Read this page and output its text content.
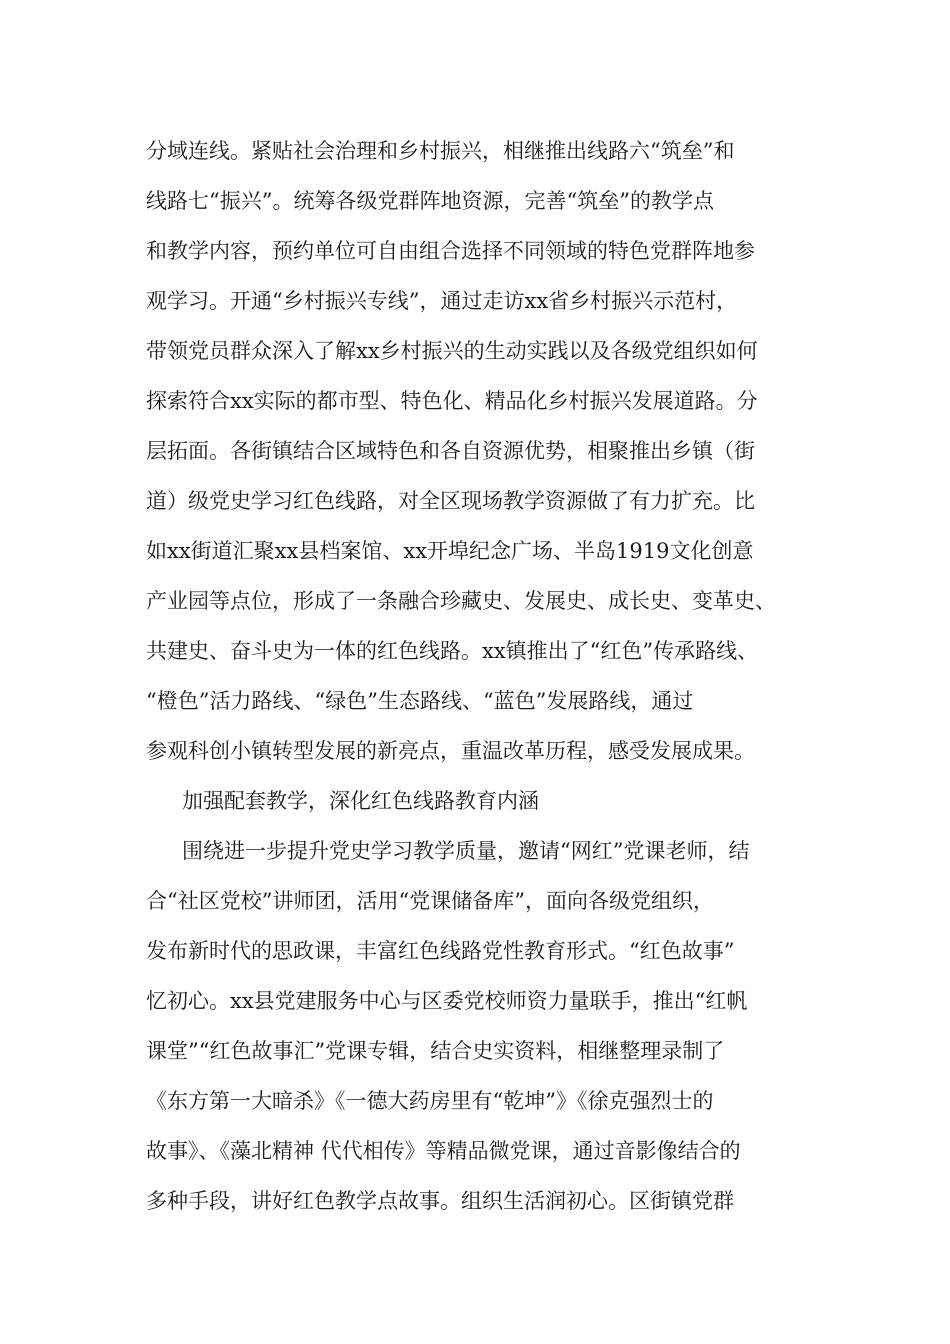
分域连线。紧贴社会治理和乡村振兴，相继推出线路六“筑垒”和
线路七“振兴”。统筹各级党群阵地资源，完善“筑垒”的教学点
和教学内容，预约单位可自由组合选择不同领域的特色党群阵地参
观学习。开通“乡村振兴专线”，通过走访xx省乡村振兴示范村，
带领党员群众深入了解xx乡村振兴的生动实践以及各级党组织如何
探索符合xx实际的都市型、特色化、精品化乡村振兴发展道路。分
层拓面。各街镇结合区域特色和各自资源优势，相聚推出乡镇（街
道）级党史学习红色线路，对全区现场教学资源做了有力扩充。比
如xx街道汇聚xx县档案馆、xx开埠纪念广场、半岛1919文化创意
产业园等点位，形成了一条融合珍藏史、发展史、成长史、变革史、
共建史、奋斗史为一体的红色线路。xx镇推出了“红色”传承路线、
“橙色”活力路线、“绿色”生态路线、“蓝色”发展路线，通过
参观科创小镇转型发展的新亮点，重温改革历程，感受发展成果。
加强配套教学，深化红色线路教育内涵
围绕进一步提升党史学习教学质量，邀请“网红”党课老师，结
合“社区党校”讲师团，活用“党课储备库”，面向各级党组织，
发布新时代的思政课，丰富红色线路党性教育形式。“红色故事”
忆初心。xx县党建服务中心与区委党校师资力量联手，推出“红帆
课堂”“红色故事汇”党课专辑，结合史实资料，相继整理录制了
《东方第一大暗杀》《一德大药房里有“乾坤”》《徐克强烈士的
故事》、《藻北精神 代代相传》等精品微党课，通过音影像结合的
多种手段，讲好红色教学点故事。组织生活润初心。区街镇党群
